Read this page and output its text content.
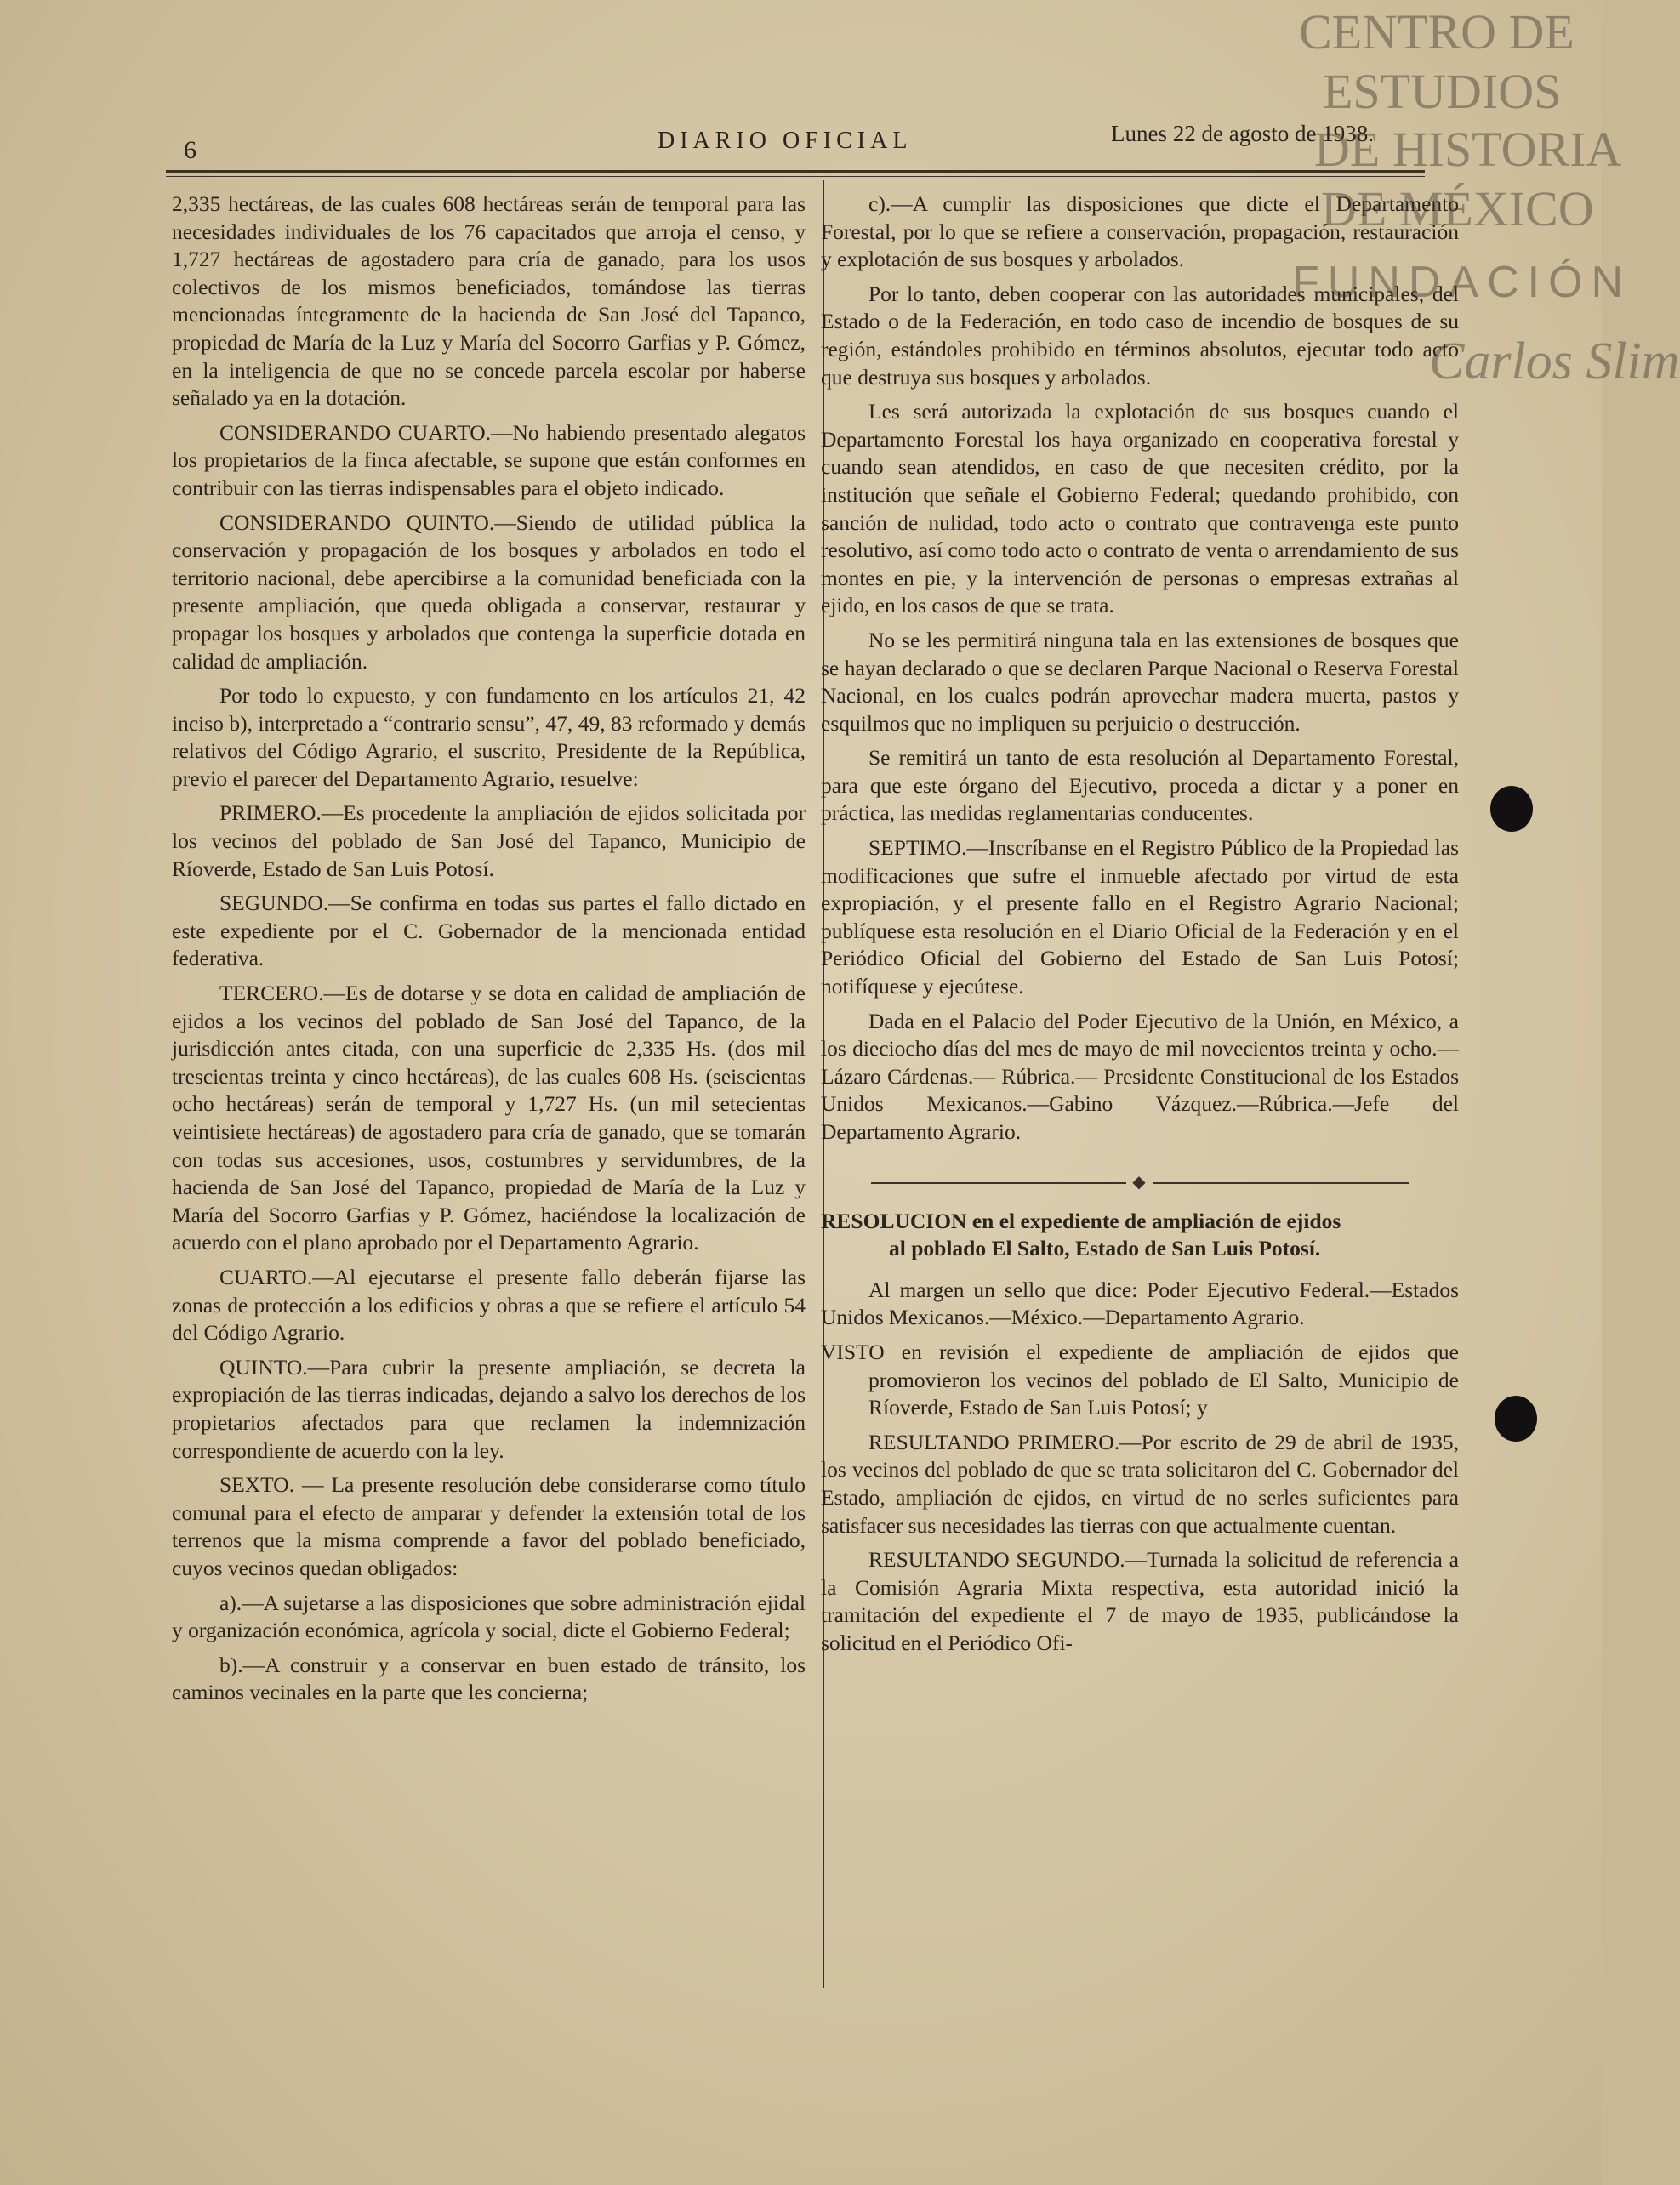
CENTRO DE
ESTUDIOS
DE HISTORIA
DE MÉXICO
FUNDACIÓN
Carlos Slim
6	DIARIO OFICIAL	Lunes 22 de agosto de 1938.

2,335 hectáreas, de las cuales 608 hectáreas serán de temporal para las necesidades individuales de los 76 capacitados que arroja el censo, y 1,727 hectáreas de agostadero para cría de ganado, para los usos colectivos de los mismos beneficiados, tomándose las tierras mencionadas íntegramente de la hacienda de San José del Tapanco, propiedad de María de la Luz y María del Socorro Garfias y P. Gómez, en la inteligencia de que no se concede parcela escolar por haberse señalado ya en la dotación.

CONSIDERANDO CUARTO.—No habiendo presentado alegatos los propietarios de la finca afectable, se supone que están conformes en contribuir con las tierras indispensables para el objeto indicado.

CONSIDERANDO QUINTO.—Siendo de utilidad pública la conservación y propagación de los bosques y arbolados en todo el territorio nacional, debe apercibirse a la comunidad beneficiada con la presente ampliación, que queda obligada a conservar, restaurar y propagar los bosques y arbolados que contenga la superficie dotada en calidad de ampliación.

Por todo lo expuesto, y con fundamento en los artículos 21, 42 inciso b), interpretado a “contrario sensu”, 47, 49, 83 reformado y demás relativos del Código Agrario, el suscrito, Presidente de la República, previo el parecer del Departamento Agrario, resuelve:

PRIMERO.—Es procedente la ampliación de ejidos solicitada por los vecinos del poblado de San José del Tapanco, Municipio de Ríoverde, Estado de San Luis Potosí.

SEGUNDO.—Se confirma en todas sus partes el fallo dictado en este expediente por el C. Gobernador de la mencionada entidad federativa.

TERCERO.—Es de dotarse y se dota en calidad de ampliación de ejidos a los vecinos del poblado de San José del Tapanco, de la jurisdicción antes citada, con una superficie de 2,335 Hs. (dos mil trescientas treinta y cinco hectáreas), de las cuales 608 Hs. (seiscientas ocho hectáreas) serán de temporal y 1,727 Hs. (un mil setecientas veintisiete hectáreas) de agostadero para cría de ganado, que se tomarán con todas sus accesiones, usos, costumbres y servidumbres, de la hacienda de San José del Tapanco, propiedad de María de la Luz y María del Socorro Garfias y P. Gómez, haciéndose la localización de acuerdo con el plano aprobado por el Departamento Agrario.

CUARTO.—Al ejecutarse el presente fallo deberán fijarse las zonas de protección a los edificios y obras a que se refiere el artículo 54 del Código Agrario.

QUINTO.—Para cubrir la presente ampliación, se decreta la expropiación de las tierras indicadas, dejando a salvo los derechos de los propietarios afectados para que reclamen la indemnización correspondiente de acuerdo con la ley.

SEXTO. — La presente resolución debe considerarse como título comunal para el efecto de amparar y defender la extensión total de los terrenos que la misma comprende a favor del poblado beneficiado, cuyos vecinos quedan obligados:

a).—A sujetarse a las disposiciones que sobre administración ejidal y organización económica, agrícola y social, dicte el Gobierno Federal;

b).—A construir y a conservar en buen estado de tránsito, los caminos vecinales en la parte que les concierna;

c).—A cumplir las disposiciones que dicte el Departamento Forestal, por lo que se refiere a conservación, propagación, restauración y explotación de sus bosques y arbolados.

Por lo tanto, deben cooperar con las autoridades municipales, del Estado o de la Federación, en todo caso de incendio de bosques de su región, estándoles prohibido en términos absolutos, ejecutar todo acto que destruya sus bosques y arbolados.

Les será autorizada la explotación de sus bosques cuando el Departamento Forestal los haya organizado en cooperativa forestal y cuando sean atendidos, en caso de que necesiten crédito, por la institución que señale el Gobierno Federal; quedando prohibido, con sanción de nulidad, todo acto o contrato que contravenga este punto resolutivo, así como todo acto o contrato de venta o arrendamiento de sus montes en pie, y la intervención de personas o empresas extrañas al ejido, en los casos de que se trata.

No se les permitirá ninguna tala en las extensiones de bosques que se hayan declarado o que se declaren Parque Nacional o Reserva Forestal Nacional, en los cuales podrán aprovechar madera muerta, pastos y esquilmos que no impliquen su perjuicio o destrucción.

Se remitirá un tanto de esta resolución al Departamento Forestal, para que este órgano del Ejecutivo, proceda a dictar y a poner en práctica, las medidas reglamentarias conducentes.

SEPTIMO.—Inscríbanse en el Registro Público de la Propiedad las modificaciones que sufre el inmueble afectado por virtud de esta expropiación, y el presente fallo en el Registro Agrario Nacional; publíquese esta resolución en el Diario Oficial de la Federación y en el Periódico Oficial del Gobierno del Estado de San Luis Potosí; notifíquese y ejecútese.

Dada en el Palacio del Poder Ejecutivo de la Unión, en México, a los dieciocho días del mes de mayo de mil novecientos treinta y ocho.—Lázaro Cárdenas.— Rúbrica.— Presidente Constitucional de los Estados Unidos Mexicanos.—Gabino Vázquez.—Rúbrica.—Jefe del Departamento Agrario.

◆

RESOLUCION en el expediente de ampliación de ejidos
al poblado El Salto, Estado de San Luis Potosí.

Al margen un sello que dice: Poder Ejecutivo Federal.—Estados Unidos Mexicanos.—México.—Departamento Agrario.

VISTO en revisión el expediente de ampliación de ejidos que promovieron los vecinos del poblado de El Salto, Municipio de Ríoverde, Estado de San Luis Potosí; y

RESULTANDO PRIMERO.—Por escrito de 29 de abril de 1935, los vecinos del poblado de que se trata solicitaron del C. Gobernador del Estado, ampliación de ejidos, en virtud de no serles suficientes para satisfacer sus necesidades las tierras con que actualmente cuentan.

RESULTANDO SEGUNDO.—Turnada la solicitud de referencia a la Comisión Agraria Mixta respectiva, esta autoridad inició la tramitación del expediente el 7 de mayo de 1935, publicándose la solicitud en el Periódico Ofi-
